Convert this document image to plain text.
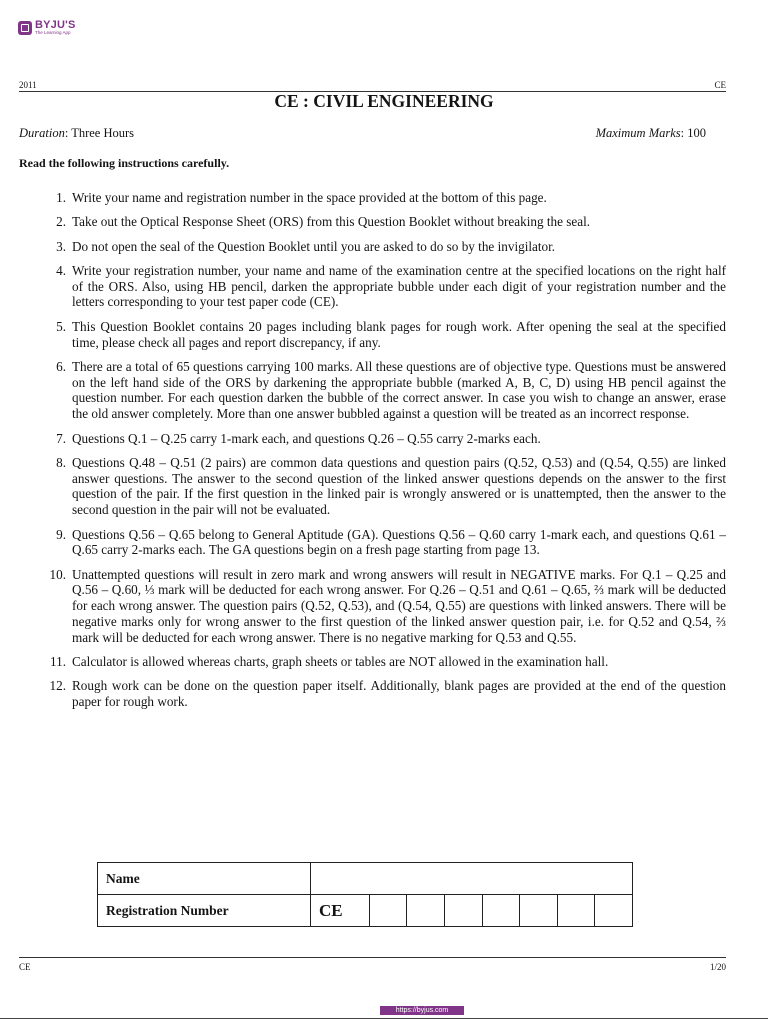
BYJU'S
The Learning App
2011	CE
CE : CIVIL ENGINEERING
Duration: Three Hours	Maximum Marks: 100
Read the following instructions carefully.
1. Write your name and registration number in the space provided at the bottom of this page.
2. Take out the Optical Response Sheet (ORS) from this Question Booklet without breaking the seal.
3. Do not open the seal of the Question Booklet until you are asked to do so by the invigilator.
4. Write your registration number, your name and name of the examination centre at the specified locations on the right half of the ORS. Also, using HB pencil, darken the appropriate bubble under each digit of your registration number and the letters corresponding to your test paper code (CE).
5. This Question Booklet contains 20 pages including blank pages for rough work. After opening the seal at the specified time, please check all pages and report discrepancy, if any.
6. There are a total of 65 questions carrying 100 marks. All these questions are of objective type. Questions must be answered on the left hand side of the ORS by darkening the appropriate bubble (marked A, B, C, D) using HB pencil against the question number. For each question darken the bubble of the correct answer. In case you wish to change an answer, erase the old answer completely. More than one answer bubbled against a question will be treated as an incorrect response.
7. Questions Q.1 – Q.25 carry 1-mark each, and questions Q.26 – Q.55 carry 2-marks each.
8. Questions Q.48 – Q.51 (2 pairs) are common data questions and question pairs (Q.52, Q.53) and (Q.54, Q.55) are linked answer questions. The answer to the second question of the linked answer questions depends on the answer to the first question of the pair. If the first question in the linked pair is wrongly answered or is unattempted, then the answer to the second question in the pair will not be evaluated.
9. Questions Q.56 – Q.65 belong to General Aptitude (GA). Questions Q.56 – Q.60 carry 1-mark each, and questions Q.61 – Q.65 carry 2-marks each. The GA questions begin on a fresh page starting from page 13.
10. Unattempted questions will result in zero mark and wrong answers will result in NEGATIVE marks. For Q.1 – Q.25 and Q.56 – Q.60, ⅓ mark will be deducted for each wrong answer. For Q.26 – Q.51 and Q.61 – Q.65, ⅔ mark will be deducted for each wrong answer. The question pairs (Q.52, Q.53), and (Q.54, Q.55) are questions with linked answers. There will be negative marks only for wrong answer to the first question of the linked answer question pair, i.e. for Q.52 and Q.54, ⅔ mark will be deducted for each wrong answer. There is no negative marking for Q.53 and Q.55.
11. Calculator is allowed whereas charts, graph sheets or tables are NOT allowed in the examination hall.
12. Rough work can be done on the question paper itself. Additionally, blank pages are provided at the end of the question paper for rough work.
Name								
Registration Number	CE							
CE	1/20
https://byjus.com
